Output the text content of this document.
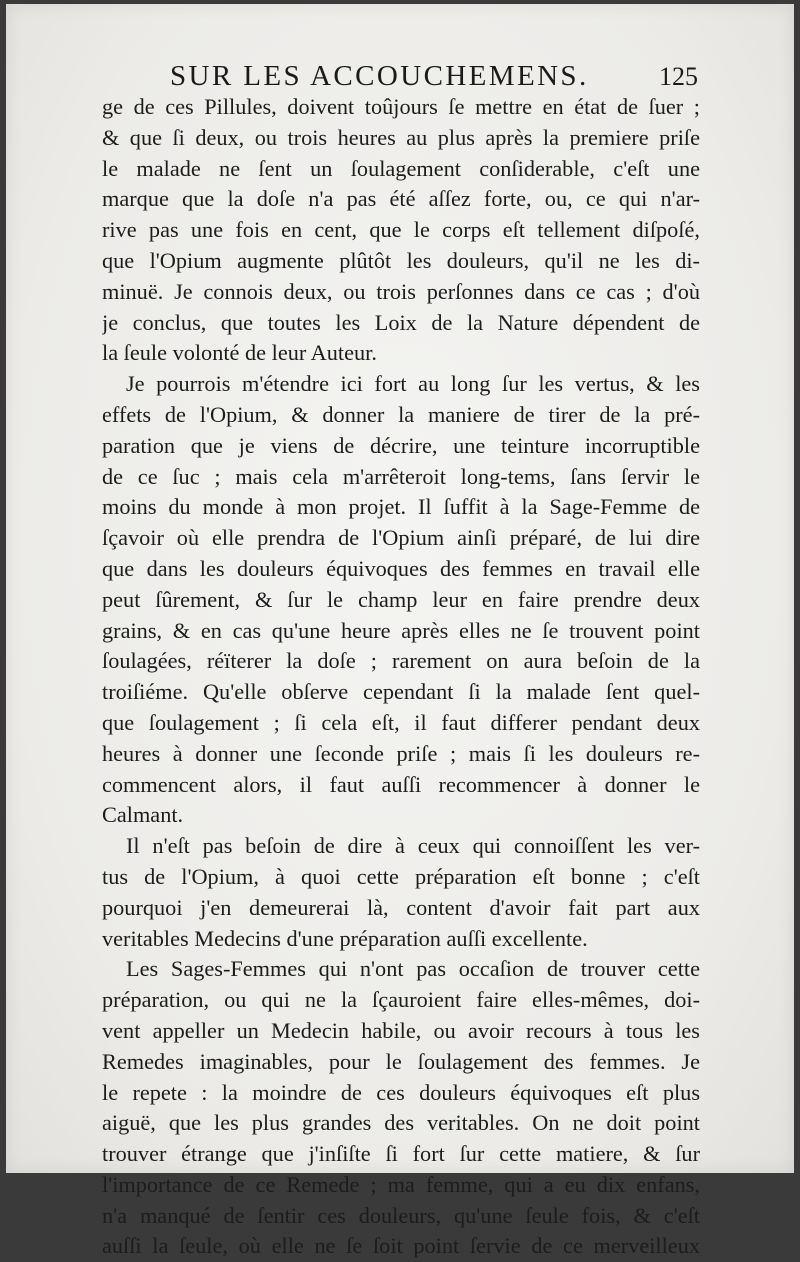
SUR LES ACCOUCHEMENS.	125
ge de ces Pillules, doivent toûjours ſe mettre en état de ſuer ;
& que ſi deux, ou trois heures au plus après la premiere priſe
le malade ne ſent un ſoulagement conſiderable, c'eſt une
marque que la doſe n'a pas été aſſez forte, ou, ce qui n'ar-
rive pas une fois en cent, que le corps eſt tellement diſpoſé,
que l'Opium augmente plûtôt les douleurs, qu'il ne les di-
minuë. Je connois deux, ou trois perſonnes dans ce cas ; d'où
je conclus, que toutes les Loix de la Nature dépendent de
la ſeule volonté de leur Auteur.
Je pourrois m'étendre ici fort au long ſur les vertus, & les
effets de l'Opium, & donner la maniere de tirer de la pré-
paration que je viens de décrire, une teinture incorruptible
de ce ſuc ; mais cela m'arrêteroit long-tems, ſans ſervir le
moins du monde à mon projet. Il ſuffit à la Sage-Femme de
ſçavoir où elle prendra de l'Opium ainſi préparé, de lui dire
que dans les douleurs équivoques des femmes en travail elle
peut ſûrement, & ſur le champ leur en faire prendre deux
grains, & en cas qu'une heure après elles ne ſe trouvent point
ſoulagées, réïterer la doſe ; rarement on aura beſoin de la
troiſiéme. Qu'elle obſerve cependant ſi la malade ſent quel-
que ſoulagement ; ſi cela eſt, il faut differer pendant deux
heures à donner une ſeconde priſe ; mais ſi les douleurs re-
commencent alors, il faut auſſi recommencer à donner le
Calmant.
Il n'eſt pas beſoin de dire à ceux qui connoiſſent les ver-
tus de l'Opium, à quoi cette préparation eſt bonne ; c'eſt
pourquoi j'en demeurerai là, content d'avoir fait part aux
veritables Medecins d'une préparation auſſi excellente.
Les Sages-Femmes qui n'ont pas occaſion de trouver cette
préparation, ou qui ne la ſçauroient faire elles-mêmes, doi-
vent appeller un Medecin habile, ou avoir recours à tous les
Remedes imaginables, pour le ſoulagement des femmes. Je
le repete : la moindre de ces douleurs équivoques eſt plus
aiguë, que les plus grandes des veritables. On ne doit point
trouver étrange que j'inſiſte ſi fort ſur cette matiere, & ſur
l'importance de ce Remede ; ma femme, qui a eu dix enfans,
n'a manqué de ſentir ces douleurs, qu'une ſeule fois, & c'eſt
auſſi la ſeule, où elle ne ſe ſoit point ſervie de ce merveilleux
